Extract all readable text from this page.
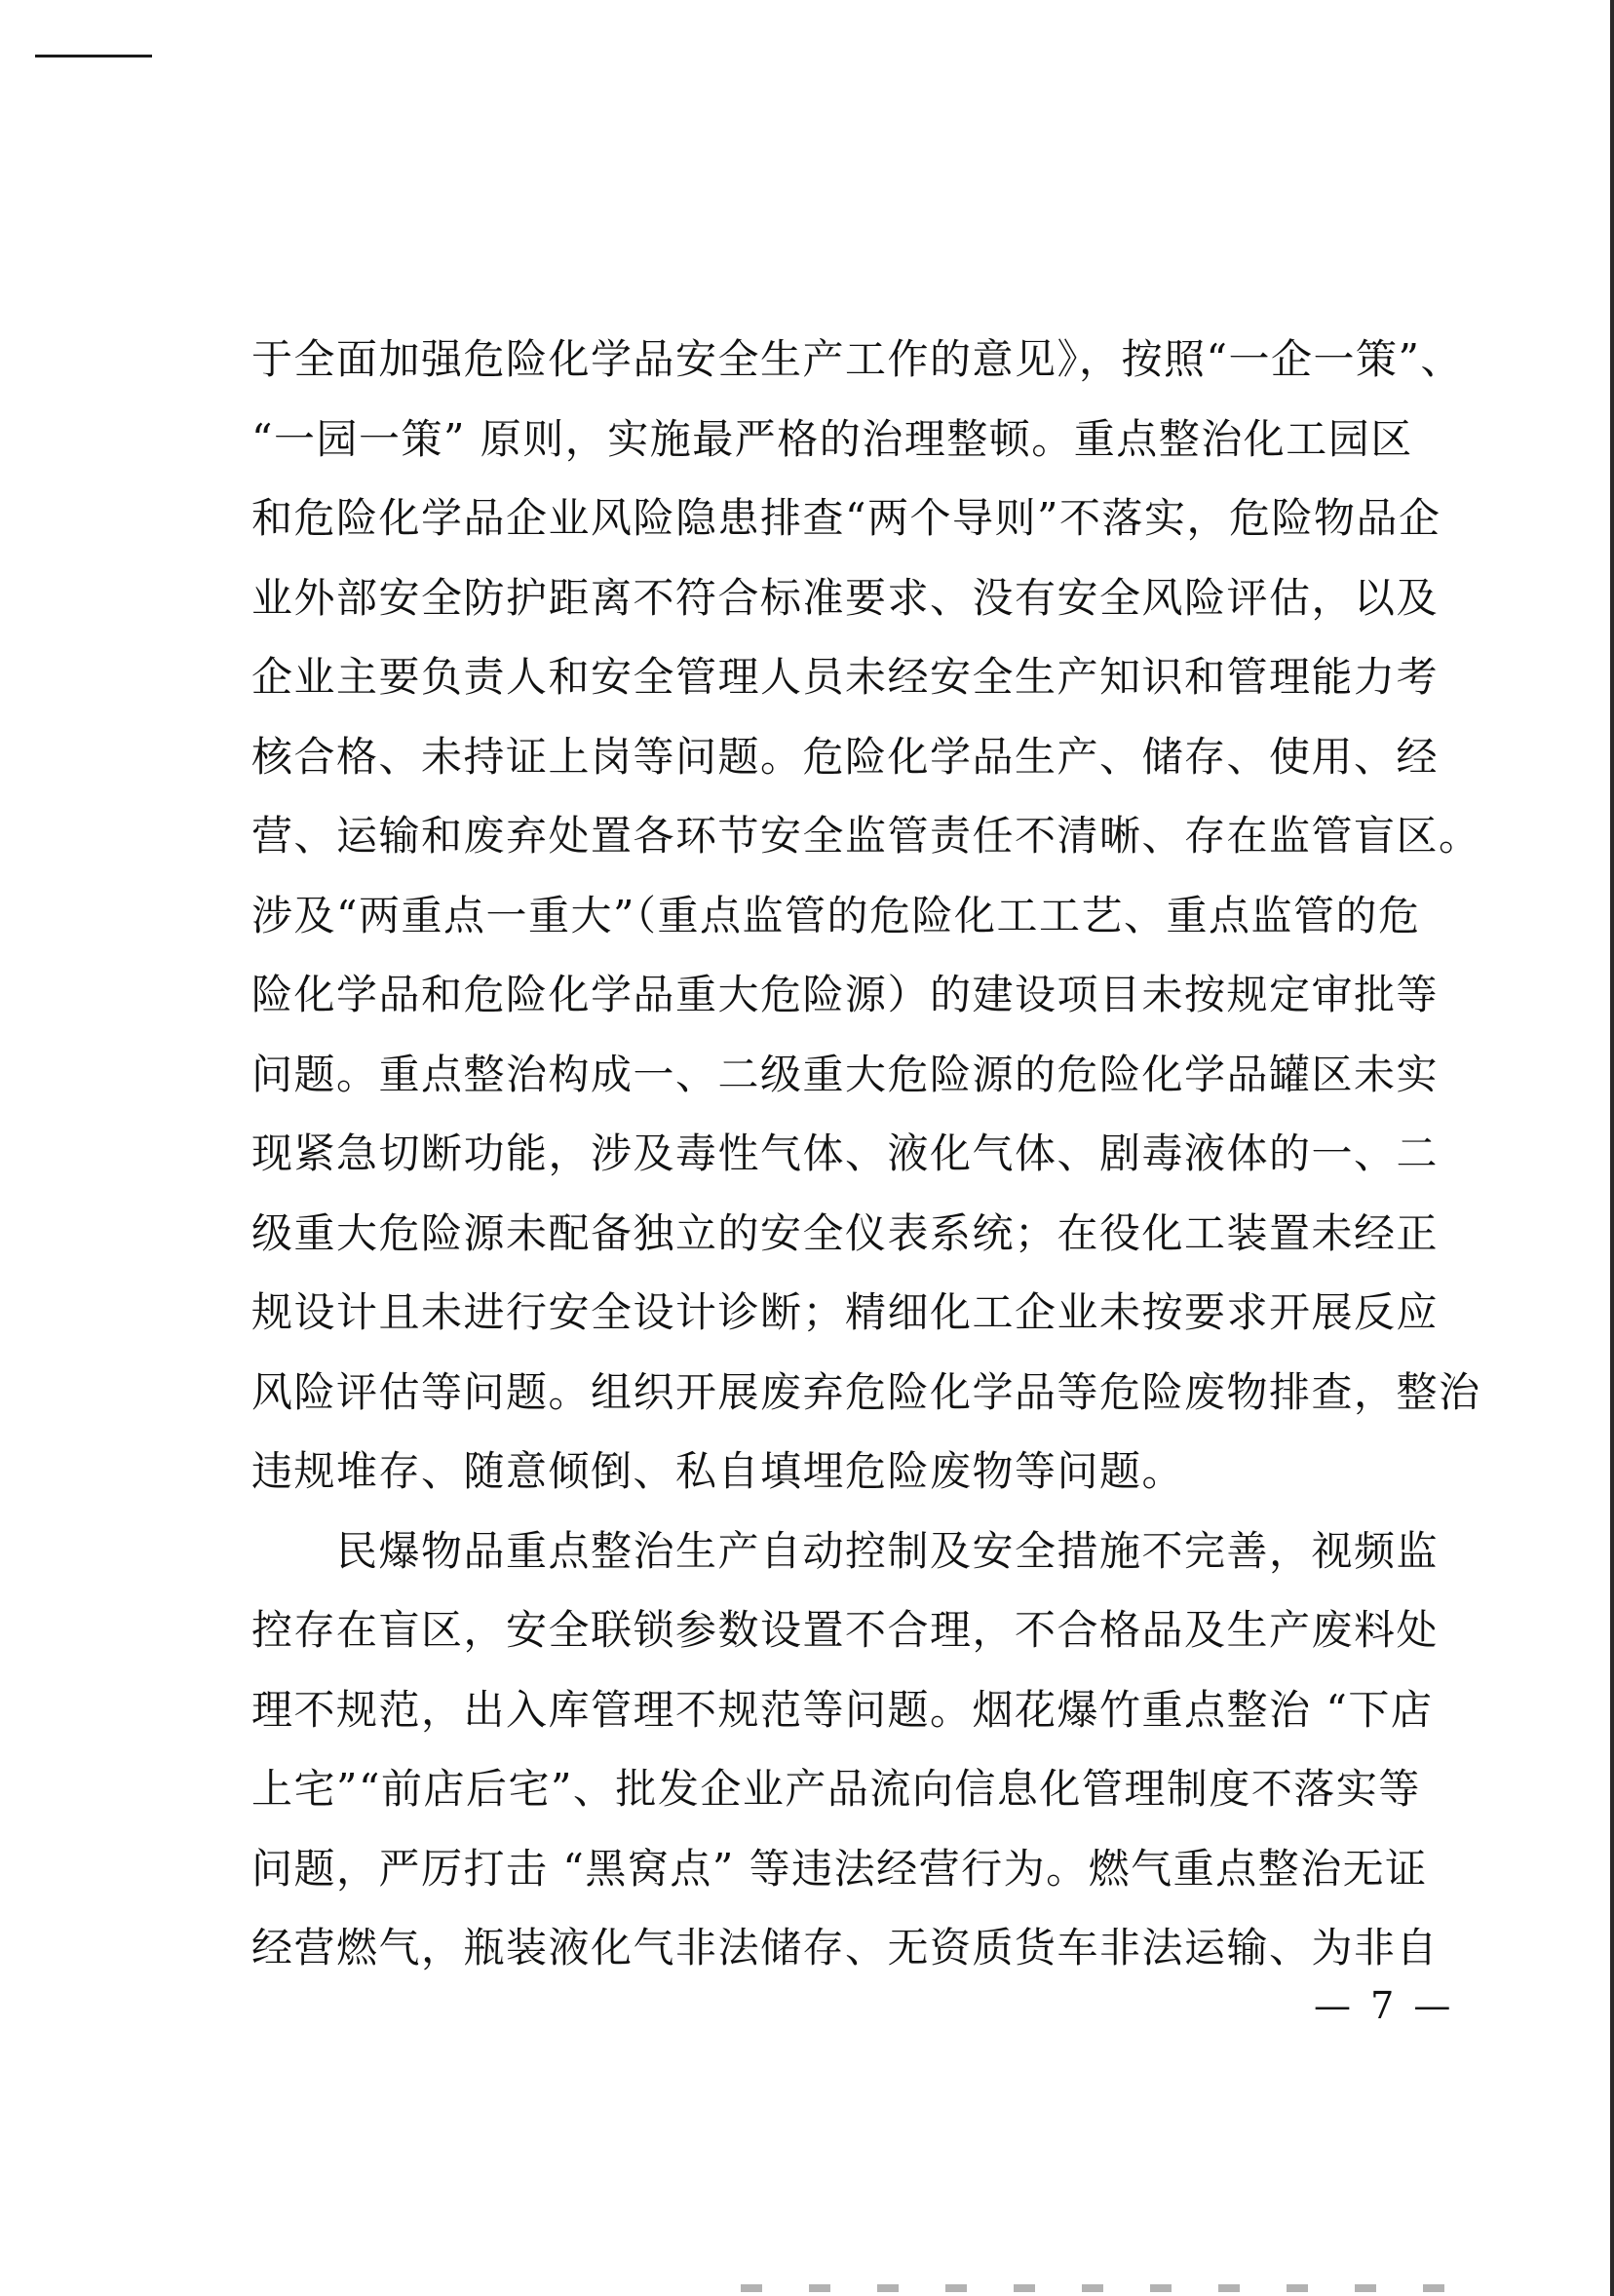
于全面加强危险化学品安全生产工作的意见》，按照“一企一策”、

“一园一策” 原则，实施最严格的治理整顿。重点整治化工园区

和危险化学品企业风险隐患排查“两个导则”不落实，危险物品企

业外部安全防护距离不符合标准要求、没有安全风险评估，以及

企业主要负责人和安全管理人员未经安全生产知识和管理能力考

核合格、未持证上岗等问题。危险化学品生产、储存、使用、经

营、运输和废弃处置各环节安全监管责任不清晰、存在监管盲区。

涉及“两重点一重大”（重点监管的危险化工工艺、重点监管的危

险化学品和危险化学品重大危险源）的建设项目未按规定审批等

问题。重点整治构成一、二级重大危险源的危险化学品罐区未实

现紧急切断功能，涉及毒性气体、液化气体、剧毒液体的一、二

级重大危险源未配备独立的安全仪表系统；在役化工装置未经正

规设计且未进行安全设计诊断；精细化工企业未按要求开展反应

风险评估等问题。组织开展废弃危险化学品等危险废物排查，整治

违规堆存、随意倾倒、私自填埋危险废物等问题。

　　民爆物品重点整治生产自动控制及安全措施不完善，视频监

控存在盲区，安全联锁参数设置不合理，不合格品及生产废料处

理不规范，出入库管理不规范等问题。烟花爆竹重点整治 “下店

上宅”“前店后宅”、批发企业产品流向信息化管理制度不落实等

问题，严厉打击 “黑窝点” 等违法经营行为。燃气重点整治无证

经营燃气，瓶装液化气非法储存、无资质货车非法运输、为非自

— 7 —
